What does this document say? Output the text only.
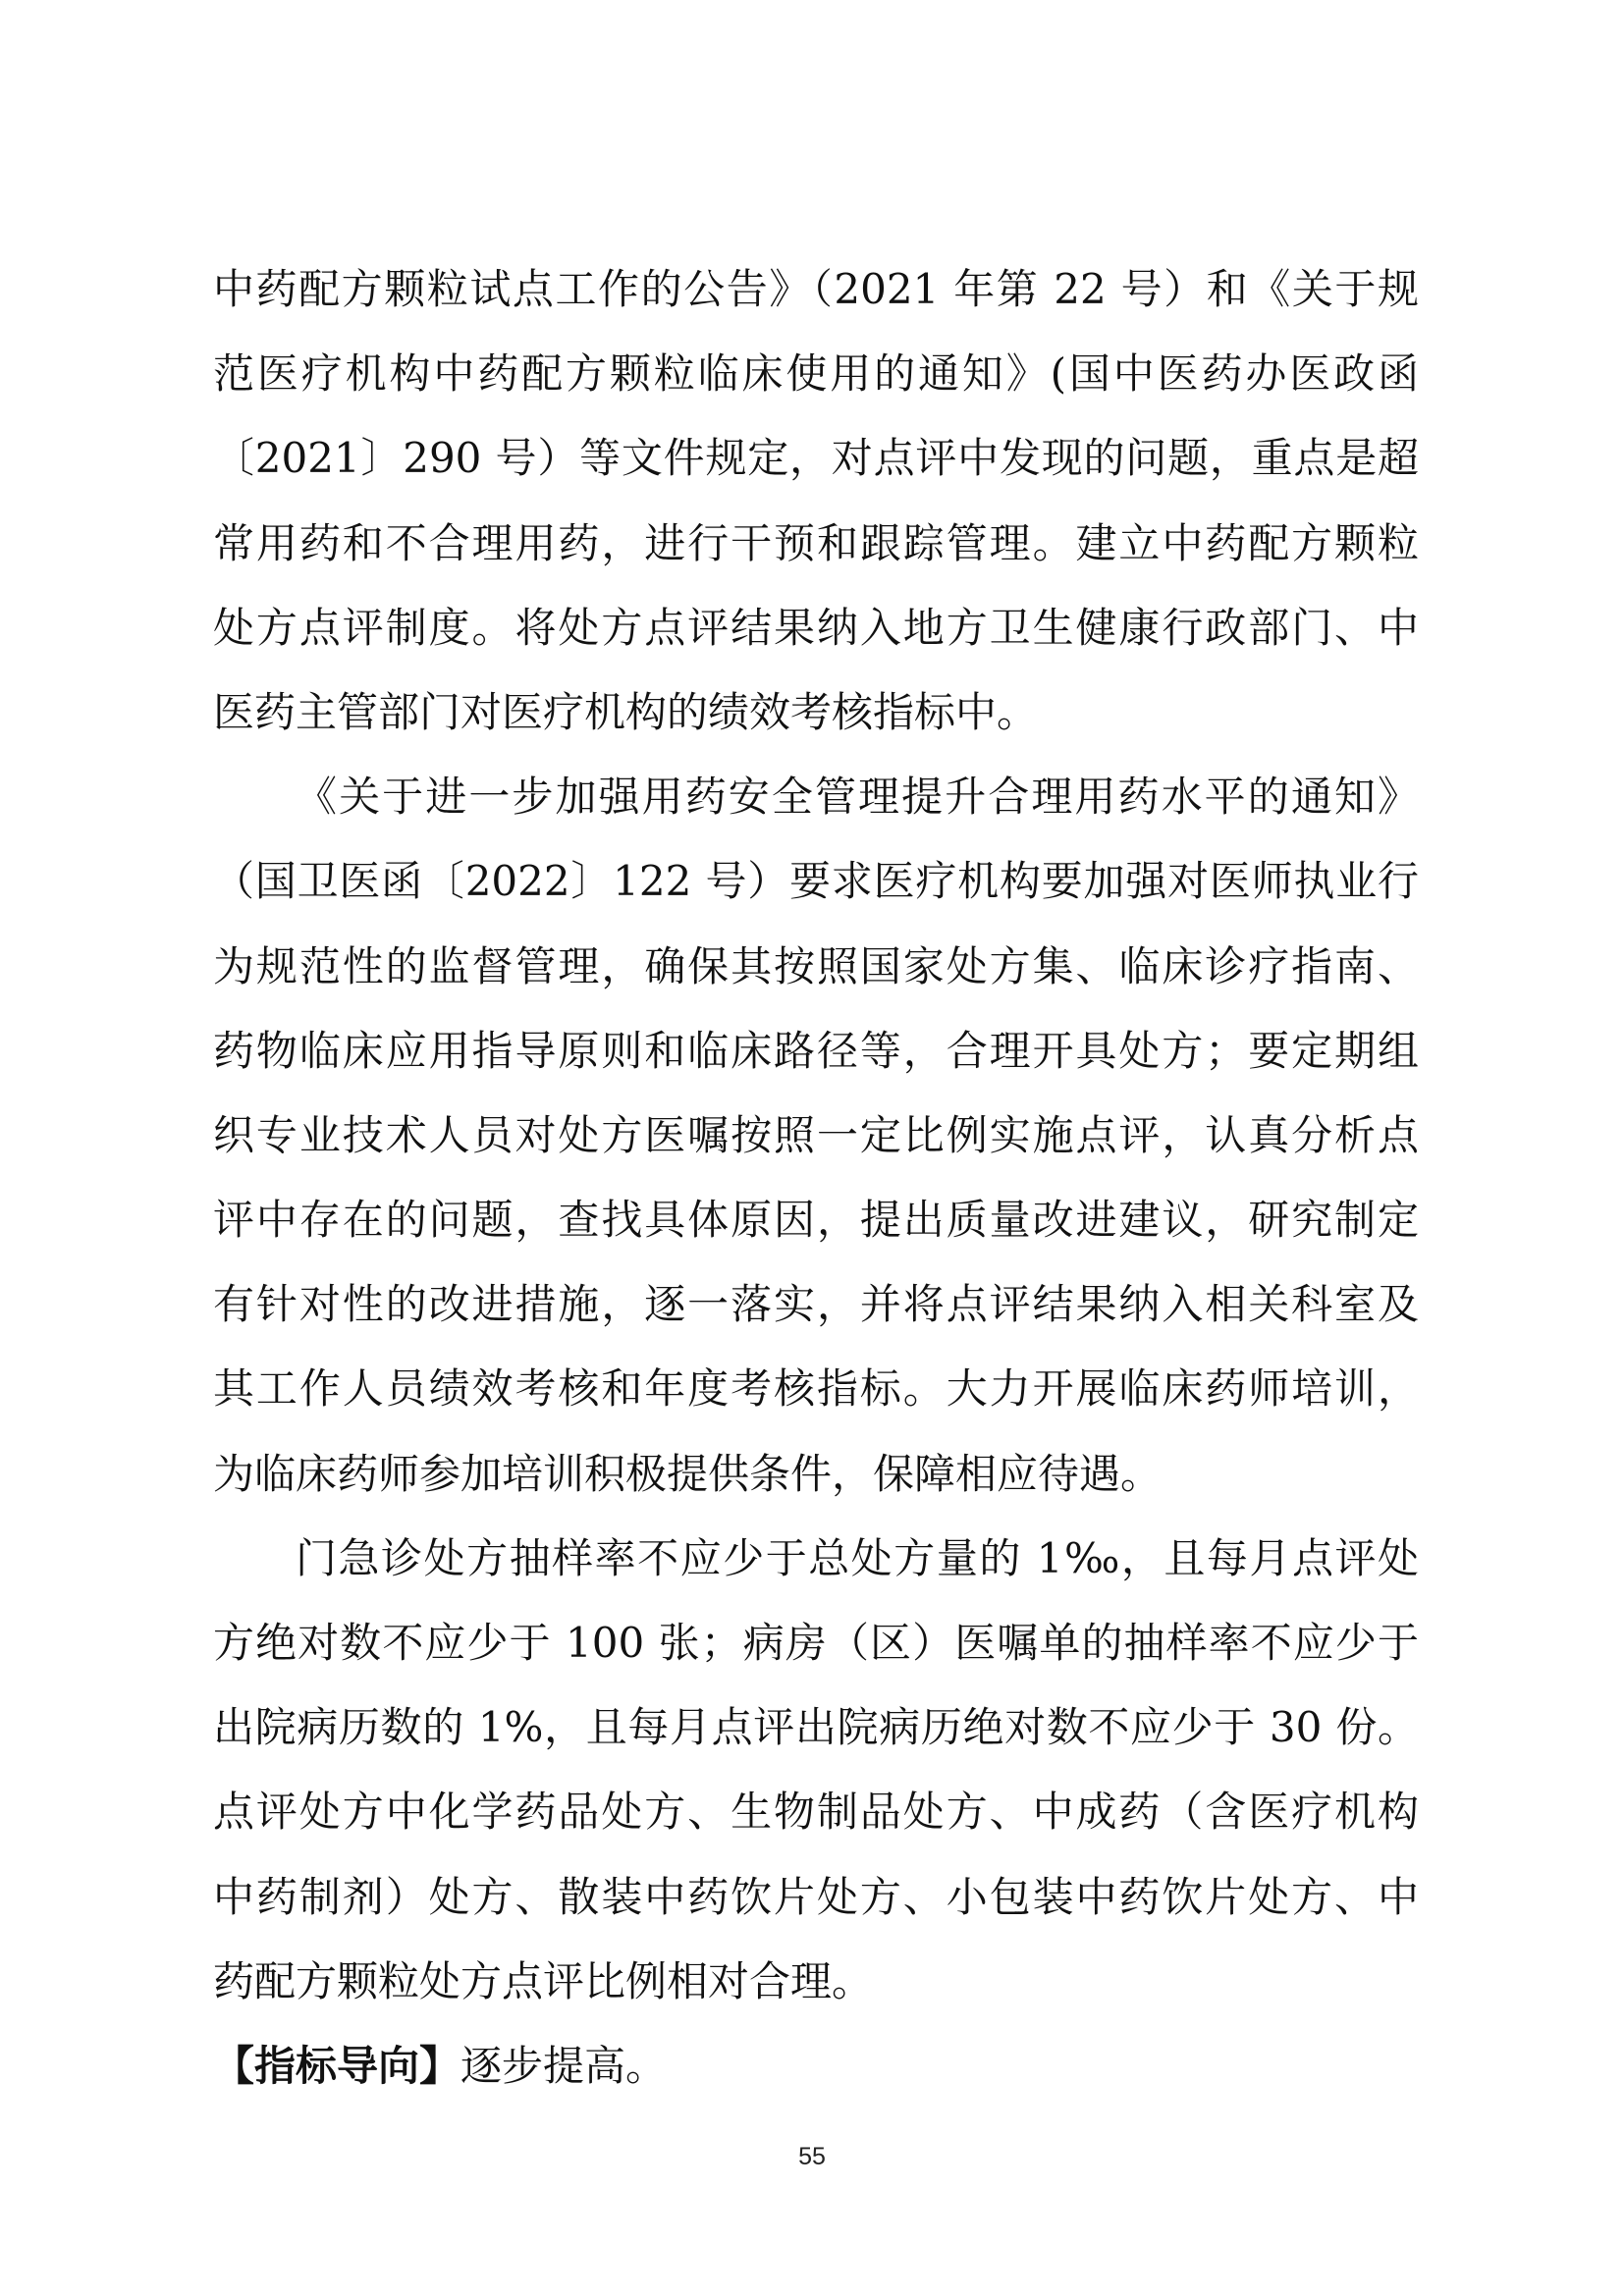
中药配方颗粒试点工作的公告》（2021 年第 22 号）和《关于规
范医疗机构中药配方颗粒临床使用的通知》(国中医药办医政函
〔2021〕290 号）等文件规定，对点评中发现的问题，重点是超
常用药和不合理用药，进行干预和跟踪管理。建立中药配方颗粒
处方点评制度。将处方点评结果纳入地方卫生健康行政部门、中
医药主管部门对医疗机构的绩效考核指标中。
《关于进一步加强用药安全管理提升合理用药水平的通知》
（国卫医函〔2022〕122 号）要求医疗机构要加强对医师执业行
为规范性的监督管理，确保其按照国家处方集、临床诊疗指南、
药物临床应用指导原则和临床路径等，合理开具处方；要定期组
织专业技术人员对处方医嘱按照一定比例实施点评，认真分析点
评中存在的问题，查找具体原因，提出质量改进建议，研究制定
有针对性的改进措施，逐一落实，并将点评结果纳入相关科室及
其工作人员绩效考核和年度考核指标。大力开展临床药师培训，
为临床药师参加培训积极提供条件，保障相应待遇。
门急诊处方抽样率不应少于总处方量的 1‰，且每月点评处
方绝对数不应少于 100 张；病房（区）医嘱单的抽样率不应少于
出院病历数的 1%，且每月点评出院病历绝对数不应少于 30 份。
点评处方中化学药品处方、生物制品处方、中成药（含医疗机构
中药制剂）处方、散装中药饮片处方、小包装中药饮片处方、中
药配方颗粒处方点评比例相对合理。
【指标导向】逐步提高。
55
